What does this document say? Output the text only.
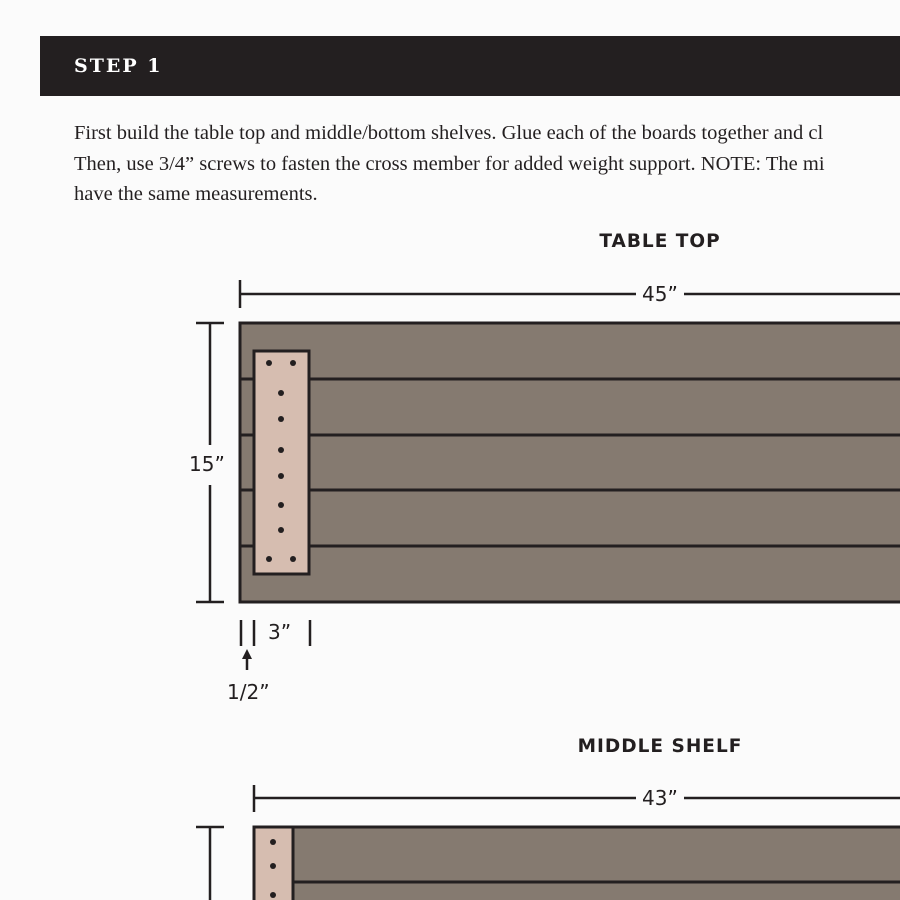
STEP 1
First build the table top and middle/bottom shelves. Glue each of the boards together and cl
Then, use 3/4” screws to fasten the cross member for added weight support. NOTE: The mi
have the same measurements.
TABLE TOP
45”
15”
3”
1/2”
MIDDLE SHELF
43”
